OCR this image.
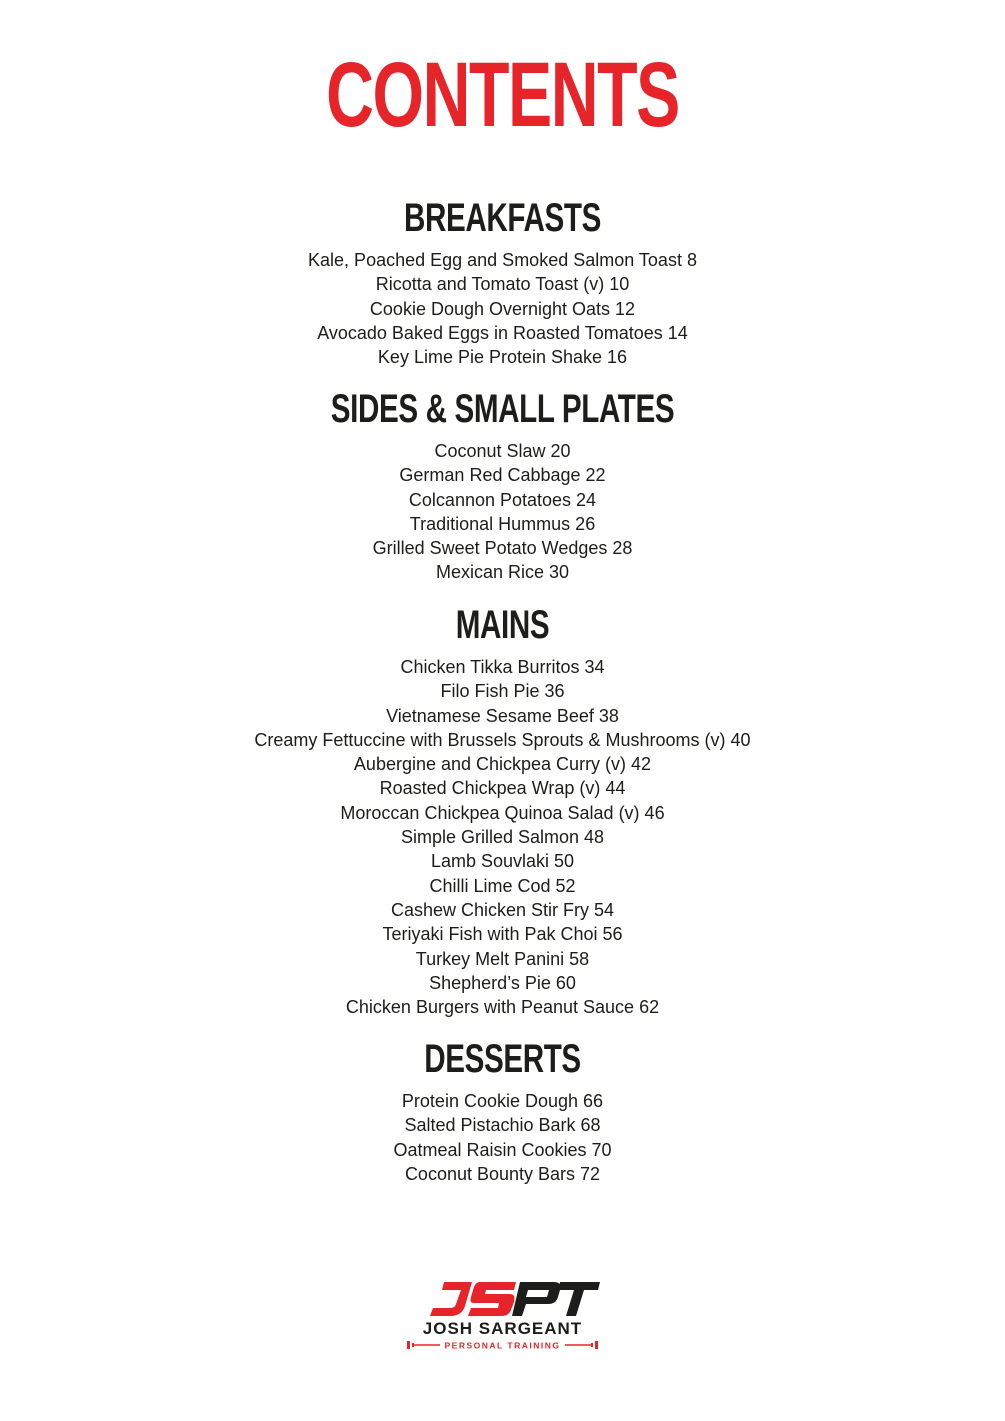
CONTENTS
BREAKFASTS
Kale, Poached Egg and Smoked Salmon Toast 8
Ricotta and Tomato Toast (v) 10
Cookie Dough Overnight Oats 12
Avocado Baked Eggs in Roasted Tomatoes 14
Key Lime Pie Protein Shake 16
SIDES & SMALL PLATES
Coconut Slaw 20
German Red Cabbage 22
Colcannon Potatoes 24
Traditional Hummus 26
Grilled Sweet Potato Wedges 28
Mexican Rice 30
MAINS
Chicken Tikka Burritos 34
Filo Fish Pie 36
Vietnamese Sesame Beef 38
Creamy Fettuccine with Brussels Sprouts & Mushrooms (v) 40
Aubergine and Chickpea Curry (v) 42
Roasted Chickpea Wrap (v) 44
Moroccan Chickpea Quinoa Salad (v) 46
Simple Grilled Salmon 48
Lamb Souvlaki 50
Chilli Lime Cod 52
Cashew Chicken Stir Fry 54
Teriyaki Fish with Pak Choi 56
Turkey Melt Panini 58
Shepherd’s Pie 60
Chicken Burgers with Peanut Sauce 62
DESSERTS
Protein Cookie Dough 66
Salted Pistachio Bark 68
Oatmeal Raisin Cookies 70
Coconut Bounty Bars 72
JOSH SARGEANT
PERSONAL TRAINING
